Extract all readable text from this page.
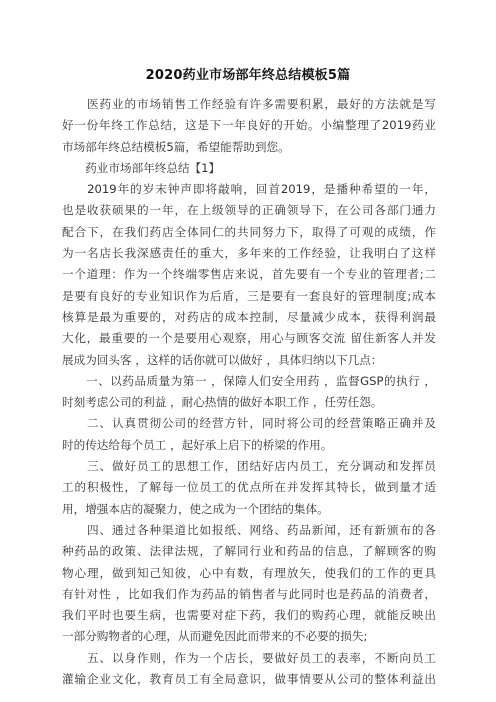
2020药业市场部年终总结模板5篇
　　医药业的市场销售工作经验有许多需要积累，最好的方法就是写
好一份年终工作总结，这是下一年良好的开始。小编整理了2019药业
市场部年终总结模板5篇，希望能帮助到您。
　　药业市场部年终总结【1】
　　2019年的岁末钟声即将敲响，回首2019，是播种希望的一年，
也是收获硕果的一年，在上级领导的正确领导下，在公司各部门通力
配合下，在我们药店全体同仁的共同努力下，取得了可观的成绩，作
为一名店长我深感责任的重大，多年来的工作经验，让我明白了这样
一个道理：作为一个终端零售店来说，首先要有一个专业的管理者;二
是要有良好的专业知识作为后盾，三是要有一套良好的管理制度;成本
核算是最为重要的，对药店的成本控制，尽量减少成本，获得利润最
大化，最重要的一个是要用心观察，用心与顾客交流 留住新客人并发
展成为回头客 ，这样的话你就可以做好 ，具体归纳以下几点：
　　一、以药品质量为第一 ，保障人们安全用药 ，监督GSP的执行 ，
时刻考虑公司的利益 ，耐心热情的做好本职工作 ，任劳任怨。
　　二、认真贯彻公司的经营方针，同时将公司的经营策略正确并及
时的传达给每个员工 ，起好承上启下的桥梁的作用。
　　三、做好员工的思想工作，团结好店内员工，充分调动和发挥员
工的积极性，了解每一位员工的优点所在并发挥其特长，做到量才适
用，增强本店的凝聚力，使之成为一个团结的集体。
　　四、通过各种渠道比如报纸、网络、药品新闻，还有新颁布的各
种药品的政策、法律法规，了解同行业和药品的信息，了解顾客的购
物心理，做到知己知彼，心中有数，有理放矢，使我们的工作的更具
有针对性 ，比如我们作为药品的销售者与此同时也是药品的消费者，
我们平时也要生病，也需要对症下药，我们的购药心理，就能反映出
一部分购物者的心理，从而避免因此而带来的不必要的损失;
　　五、以身作则，作为一个店长，要做好员工的表率，不断向员工
灌输企业文化，教育员工有全局意识，做事情要从公司的整体利益出
